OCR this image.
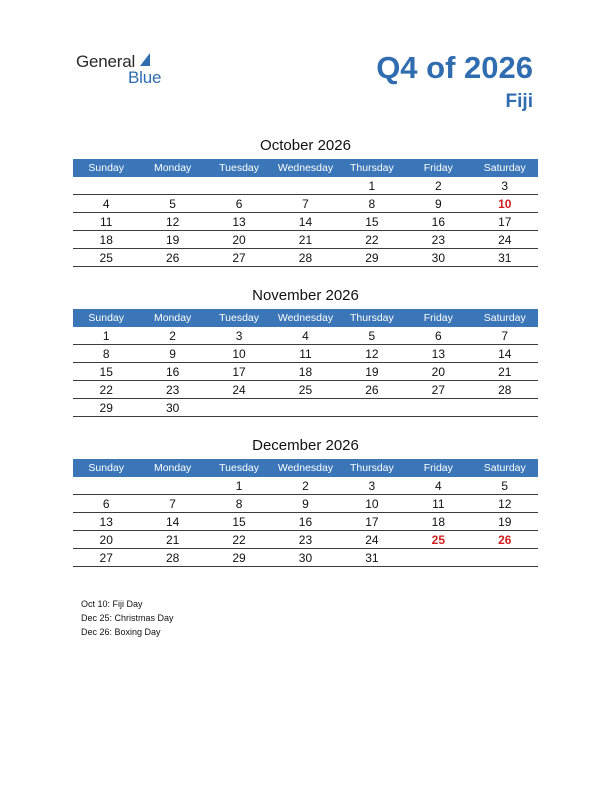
General
Blue	Q4 of 2026
Fiji
October 2026
Sunday	Monday	Tuesday	Wednesday	Thursday	Friday	Saturday
				1	2	3
4	5	6	7	8	9	10
11	12	13	14	15	16	17
18	19	20	21	22	23	24
25	26	27	28	29	30	31
November 2026
Sunday	Monday	Tuesday	Wednesday	Thursday	Friday	Saturday
1	2	3	4	5	6	7
8	9	10	11	12	13	14
15	16	17	18	19	20	21
22	23	24	25	26	27	28
29	30					
December 2026
Sunday	Monday	Tuesday	Wednesday	Thursday	Friday	Saturday
		1	2	3	4	5
6	7	8	9	10	11	12
13	14	15	16	17	18	19
20	21	22	23	24	25	26
27	28	29	30	31		
Oct 10: Fiji Day
Dec 25: Christmas Day
Dec 26: Boxing Day
